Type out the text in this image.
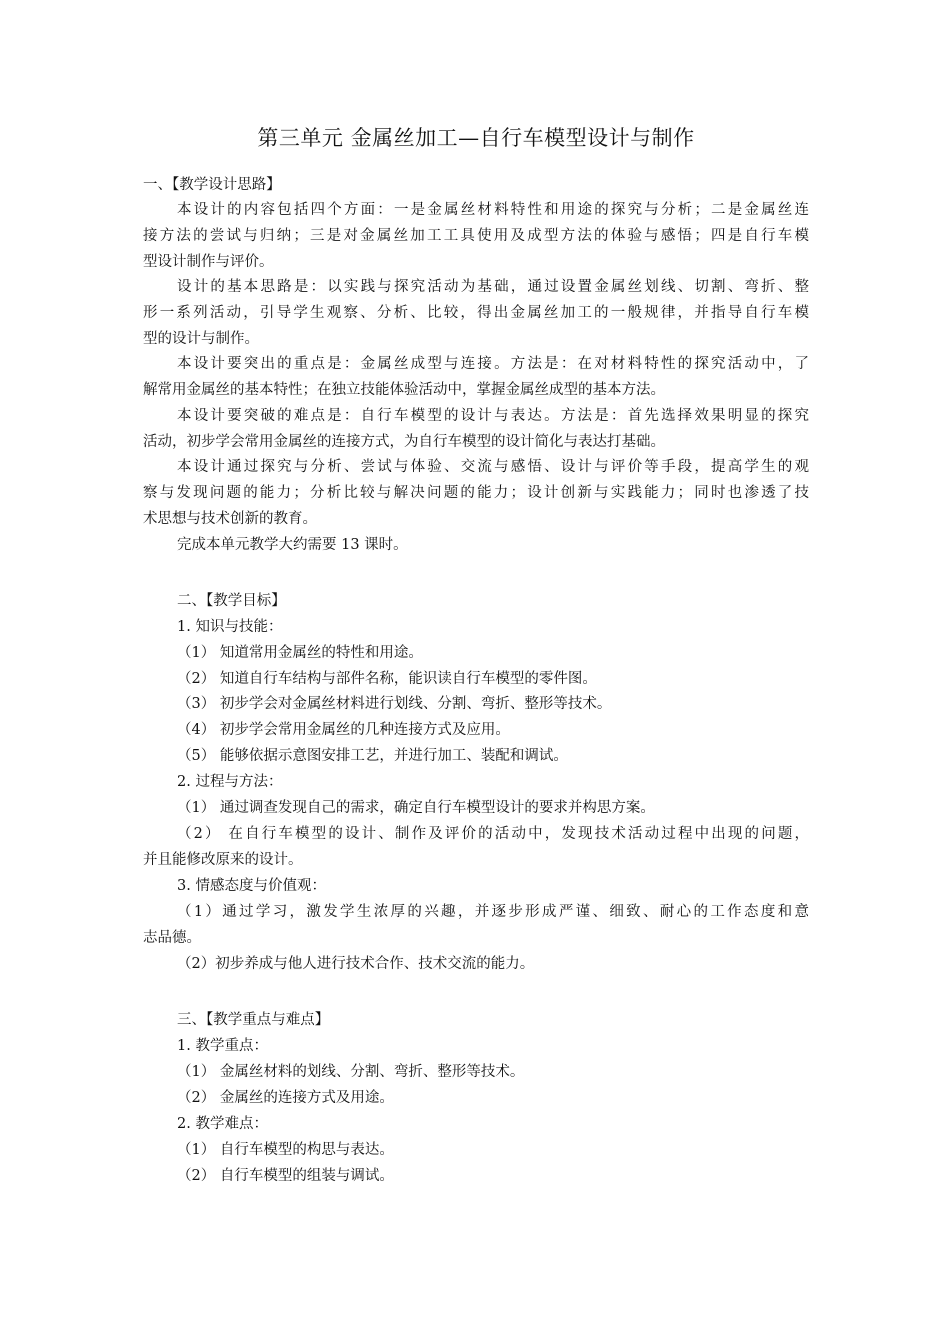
第三单元 金属丝加工—自行车模型设计与制作
一、【教学设计思路】
本设计的内容包括四个方面：一是金属丝材料特性和用途的探究与分析；二是金属丝连
接方法的尝试与归纳；三是对金属丝加工工具使用及成型方法的体验与感悟；四是自行车模
型设计制作与评价。
设计的基本思路是：以实践与探究活动为基础，通过设置金属丝划线、切割、弯折、整
形一系列活动，引导学生观察、分析、比较，得出金属丝加工的一般规律，并指导自行车模
型的设计与制作。
本设计要突出的重点是：金属丝成型与连接。方法是：在对材料特性的探究活动中，了
解常用金属丝的基本特性；在独立技能体验活动中，掌握金属丝成型的基本方法。
本设计要突破的难点是：自行车模型的设计与表达。方法是：首先选择效果明显的探究
活动，初步学会常用金属丝的连接方式，为自行车模型的设计简化与表达打基础。
本设计通过探究与分析、尝试与体验、交流与感悟、设计与评价等手段，提高学生的观
察与发现问题的能力；分析比较与解决问题的能力；设计创新与实践能力；同时也渗透了技
术思想与技术创新的教育。
完成本单元教学大约需要 13 课时。
二、【教学目标】
1. 知识与技能：
（1） 知道常用金属丝的特性和用途。
（2） 知道自行车结构与部件名称，能识读自行车模型的零件图。
（3） 初步学会对金属丝材料进行划线、分割、弯折、整形等技术。
（4） 初步学会常用金属丝的几种连接方式及应用。
（5） 能够依据示意图安排工艺，并进行加工、装配和调试。
2. 过程与方法：
（1） 通过调查发现自己的需求，确定自行车模型设计的要求并构思方案。
（2） 在自行车模型的设计、制作及评价的活动中，发现技术活动过程中出现的问题，
并且能修改原来的设计。
3. 情感态度与价值观：
（1）通过学习，激发学生浓厚的兴趣，并逐步形成严谨、细致、耐心的工作态度和意
志品德。
（2）初步养成与他人进行技术合作、技术交流的能力。
三、【教学重点与难点】
1. 教学重点：
（1） 金属丝材料的划线、分割、弯折、整形等技术。
（2） 金属丝的连接方式及用途。
2. 教学难点：
（1） 自行车模型的构思与表达。
（2） 自行车模型的组装与调试。
